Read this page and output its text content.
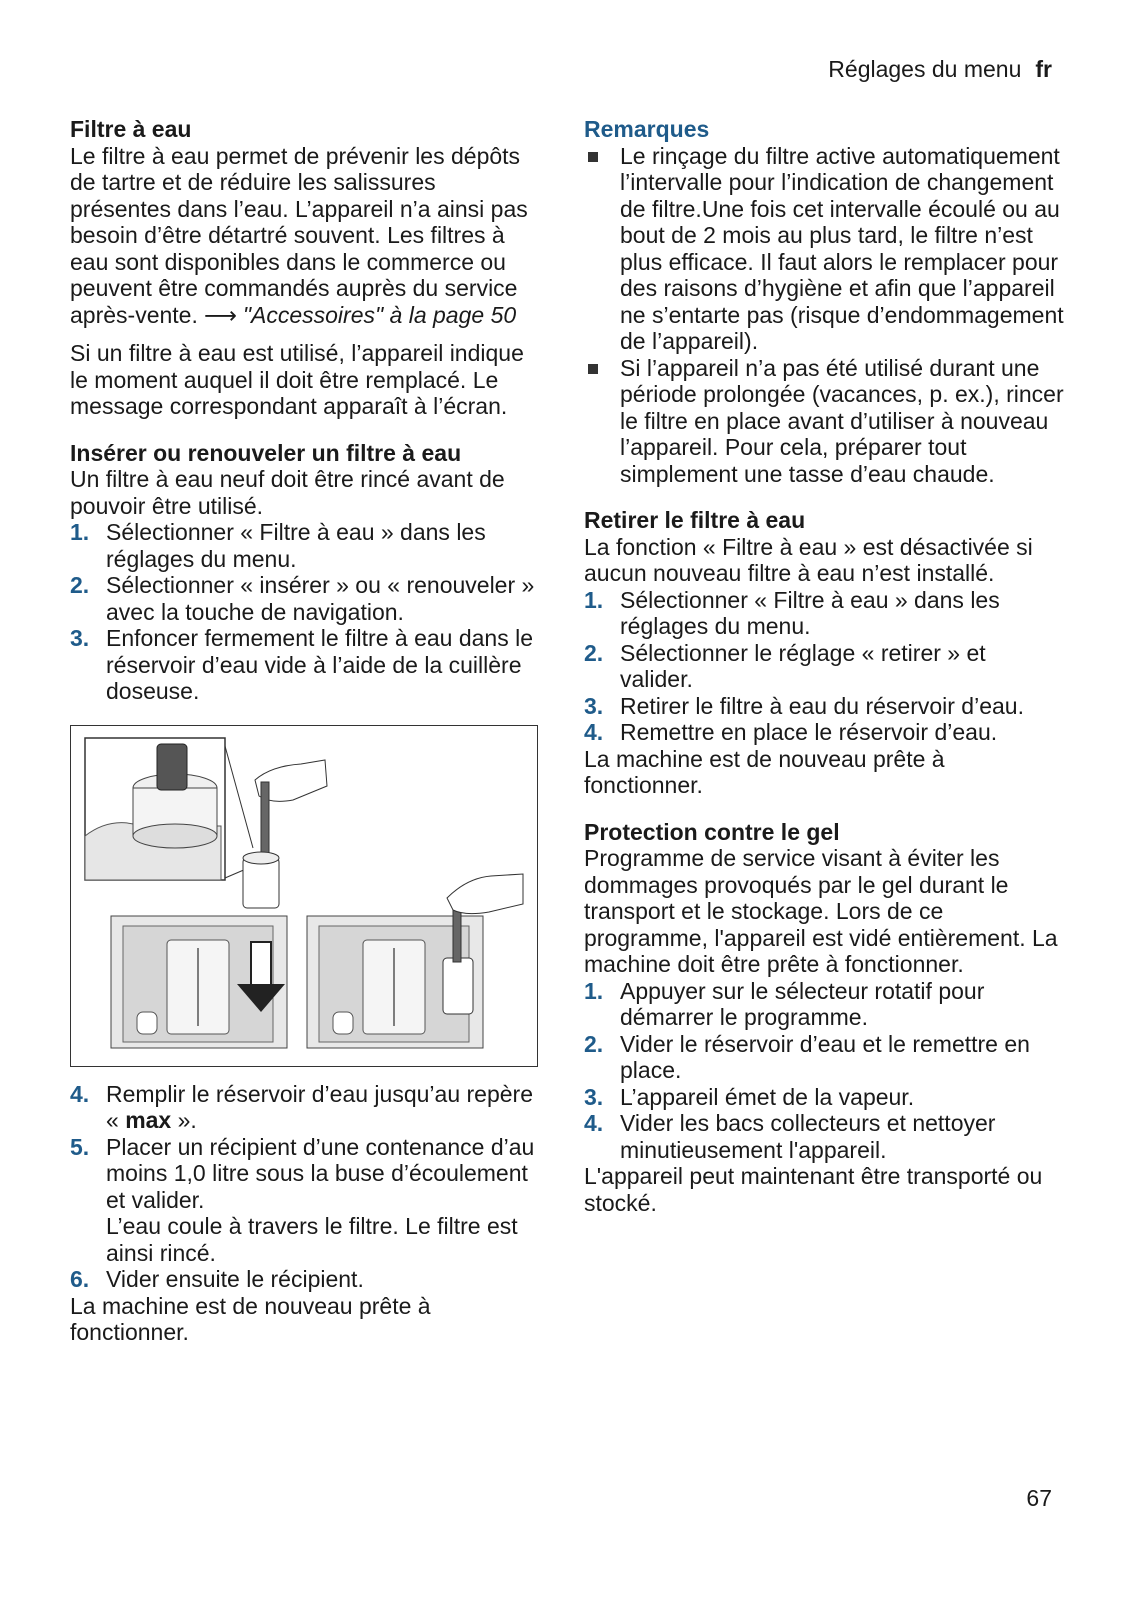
Réglages du menu fr
Filtre à eau

Le filtre à eau permet de prévenir les dépôts de tartre et de réduire les salissures présentes dans l’eau. L’appareil n’a ainsi pas besoin d’être détartré souvent. Les filtres à eau sont disponibles dans le commerce ou peuvent être commandés auprès du service après-vente. ⟶ "Accessoires" à la page 50

Si un filtre à eau est utilisé, l’appareil indique le moment auquel il doit être remplacé. Le message correspondant apparaît à l’écran.

Insérer ou renouveler un filtre à eau

Un filtre à eau neuf doit être rincé avant de pouvoir être utilisé.

1. Sélectionner « Filtre à eau » dans les réglages du menu.
2. Sélectionner « insérer » ou « renouveler » avec la touche de navigation.
3. Enfoncer fermement le filtre à eau dans le réservoir d’eau vide à l’aide de la cuillère doseuse.
4. Remplir le réservoir d’eau jusqu’au repère « max ».
5. Placer un récipient d’une contenance d’au moins 1,0 litre sous la buse d’écoulement et valider.
L’eau coule à travers le filtre. Le filtre est ainsi rincé.
6. Vider ensuite le récipient.

La machine est de nouveau prête à fonctionner.

Remarques
Le rinçage du filtre active automatiquement l’intervalle pour l’indication de changement de filtre.Une fois cet intervalle écoulé ou au bout de 2 mois au plus tard, le filtre n’est plus efficace. Il faut alors le remplacer pour des raisons d’hygiène et afin que l’appareil ne s’entarte pas (risque d’endommagement de l’appareil).
Si l’appareil n’a pas été utilisé durant une période prolongée (vacances, p. ex.), rincer le filtre en place avant d’utiliser à nouveau l’appareil. Pour cela, préparer tout simplement une tasse d’eau chaude.
Retirer le filtre à eau

La fonction « Filtre à eau » est désactivée si aucun nouveau filtre à eau n’est installé.

1. Sélectionner « Filtre à eau » dans les réglages du menu.
2. Sélectionner le réglage « retirer » et valider.
3. Retirer le filtre à eau du réservoir d’eau.
4. Remettre en place le réservoir d’eau.

La machine est de nouveau prête à fonctionner.

Protection contre le gel

Programme de service visant à éviter les dommages provoqués par le gel durant le transport et le stockage. Lors de ce programme, l'appareil est vidé entièrement. La machine doit être prête à fonctionner.

1. Appuyer sur le sélecteur rotatif pour démarrer le programme.
2. Vider le réservoir d’eau et le remettre en place.
3. L’appareil émet de la vapeur.
4. Vider les bacs collecteurs et nettoyer minutieusement l'appareil.

L'appareil peut maintenant être transporté ou stocké.

67
